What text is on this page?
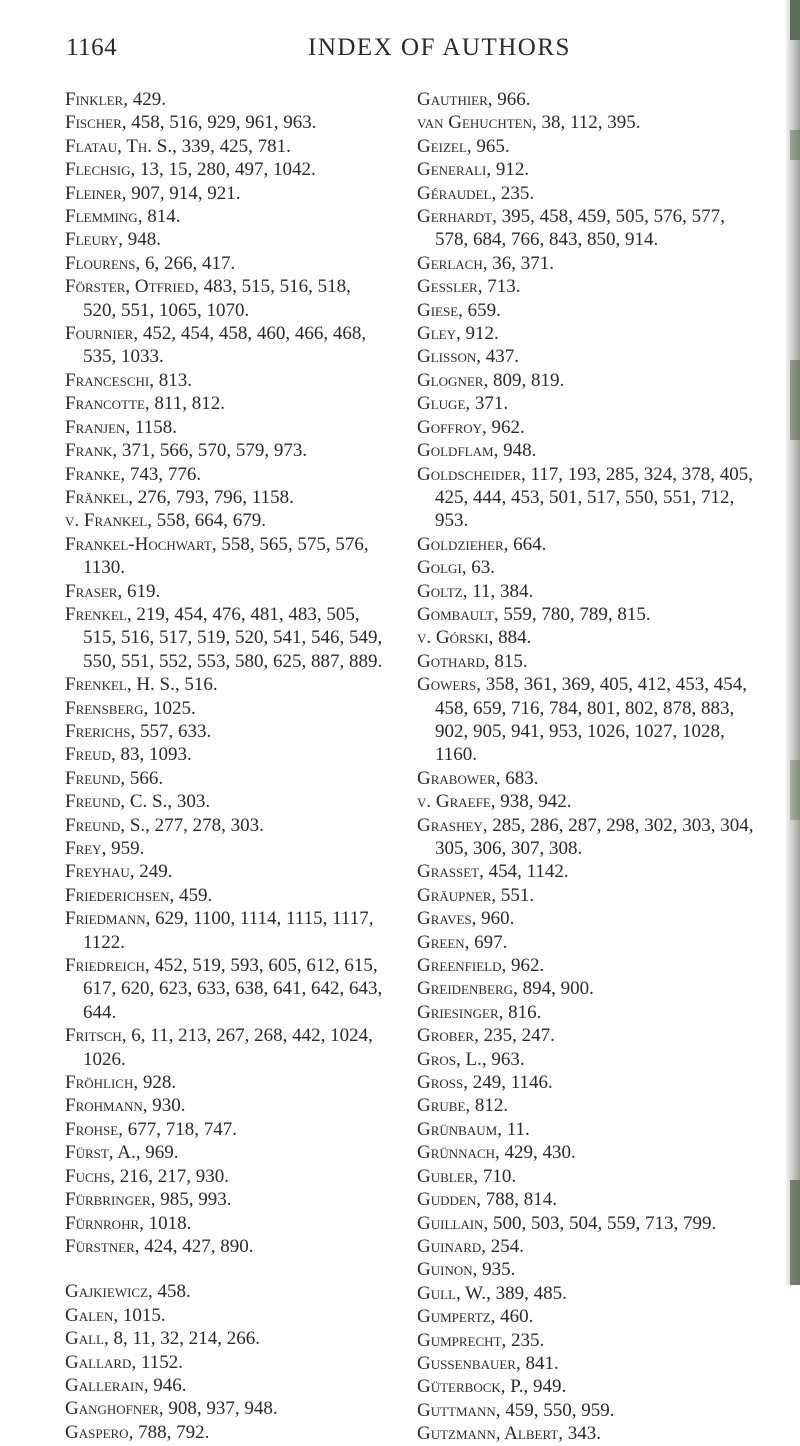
1164	INDEX OF AUTHORS
Finkler, 429.
Fischer, 458, 516, 929, 961, 963.
Flatau, Th. S., 339, 425, 781.
Flechsig, 13, 15, 280, 497, 1042.
Fleiner, 907, 914, 921.
Flemming, 814.
Fleury, 948.
Flourens, 6, 266, 417.
Förster, Otfried, 483, 515, 516, 518, 520, 551, 1065, 1070.
Fournier, 452, 454, 458, 460, 466, 468, 535, 1033.
Franceschi, 813.
Francotte, 811, 812.
Franjen, 1158.
Frank, 371, 566, 570, 579, 973.
Franke, 743, 776.
Fränkel, 276, 793, 796, 1158.
v. Frankel, 558, 664, 679.
Frankel-Hochwart, 558, 565, 575, 576, 1130.
Fraser, 619.
Frenkel, 219, 454, 476, 481, 483, 505, 515, 516, 517, 519, 520, 541, 546, 549, 550, 551, 552, 553, 580, 625, 887, 889.
Frenkel, H. S., 516.
Frensberg, 1025.
Frerichs, 557, 633.
Freud, 83, 1093.
Freund, 566.
Freund, C. S., 303.
Freund, S., 277, 278, 303.
Frey, 959.
Freyhau, 249.
Friederichsen, 459.
Friedmann, 629, 1100, 1114, 1115, 1117, 1122.
Friedreich, 452, 519, 593, 605, 612, 615, 617, 620, 623, 633, 638, 641, 642, 643, 644.
Fritsch, 6, 11, 213, 267, 268, 442, 1024, 1026.
Fröhlich, 928.
Frohmann, 930.
Frohse, 677, 718, 747.
Fürst, A., 969.
Fuchs, 216, 217, 930.
Fürbringer, 985, 993.
Fürnrohr, 1018.
Fürstner, 424, 427, 890.
Gajkiewicz, 458.
Galen, 1015.
Gall, 8, 11, 32, 214, 266.
Gallard, 1152.
Gallerain, 946.
Ganghofner, 908, 937, 948.
Gaspero, 788, 792.
Gauthier, 966.
van Gehuchten, 38, 112, 395.
Geizel, 965.
Generali, 912.
Géraudel, 235.
Gerhardt, 395, 458, 459, 505, 576, 577, 578, 684, 766, 843, 850, 914.
Gerlach, 36, 371.
Gessler, 713.
Giese, 659.
Gley, 912.
Glisson, 437.
Glogner, 809, 819.
Gluge, 371.
Goffroy, 962.
Goldflam, 948.
Goldscheider, 117, 193, 285, 324, 378, 405, 425, 444, 453, 501, 517, 550, 551, 712, 953.
Goldzieher, 664.
Golgi, 63.
Goltz, 11, 384.
Gombault, 559, 780, 789, 815.
v. Górski, 884.
Gothard, 815.
Gowers, 358, 361, 369, 405, 412, 453, 454, 458, 659, 716, 784, 801, 802, 878, 883, 902, 905, 941, 953, 1026, 1027, 1028, 1160.
Grabower, 683.
v. Graefe, 938, 942.
Grashey, 285, 286, 287, 298, 302, 303, 304, 305, 306, 307, 308.
Grasset, 454, 1142.
Gräupner, 551.
Graves, 960.
Green, 697.
Greenfield, 962.
Greidenberg, 894, 900.
Griesinger, 816.
Grober, 235, 247.
Gros, L., 963.
Gross, 249, 1146.
Grube, 812.
Grünbaum, 11.
Grünnach, 429, 430.
Gubler, 710.
Gudden, 788, 814.
Guillain, 500, 503, 504, 559, 713, 799.
Guinard, 254.
Guinon, 935.
Gull, W., 389, 485.
Gumpertz, 460.
Gumprecht, 235.
Gussenbauer, 841.
Güterbock, P., 949.
Guttmann, 459, 550, 959.
Gutzmann, Albert, 343.
